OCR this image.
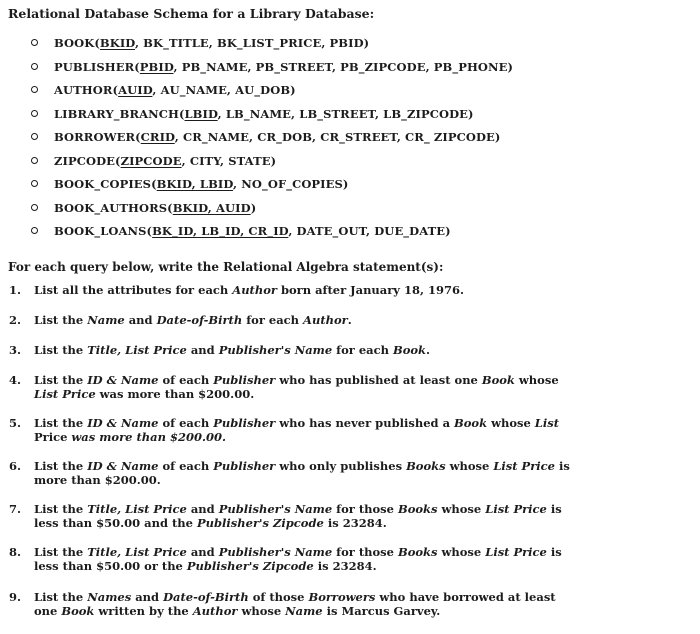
Relational Database Schema for a Library Database:
BOOK(BKID, BK_TITLE, BK_LIST_PRICE, PBID)
PUBLISHER(PBID, PB_NAME, PB_STREET, PB_ZIPCODE, PB_PHONE)
AUTHOR(AUID, AU_NAME, AU_DOB)
LIBRARY_BRANCH(LBID, LB_NAME, LB_STREET, LB_ZIPCODE)
BORROWER(CRID, CR_NAME, CR_DOB, CR_STREET, CR_ ZIPCODE)
ZIPCODE(ZIPCODE, CITY, STATE)
BOOK_COPIES(BKID, LBID, NO_OF_COPIES)
BOOK_AUTHORS(BKID, AUID)
BOOK_LOANS(BK_ID, LB_ID, CR_ID, DATE_OUT, DUE_DATE)
For each query below, write the Relational Algebra statement(s):
1. List all the attributes for each Author born after January 18, 1976.
2. List the Name and Date-of-Birth for each Author.
3. List the Title, List Price and Publisher's Name for each Book.
4. List the ID & Name of each Publisher who has published at least one Book whose
List Price was more than $200.00.
5. List the ID & Name of each Publisher who has never published a Book whose List
Price was more than $200.00.
6. List the ID & Name of each Publisher who only publishes Books whose List Price is
more than $200.00.
7. List the Title, List Price and Publisher's Name for those Books whose List Price is
less than $50.00 and the Publisher's Zipcode is 23284.
8. List the Title, List Price and Publisher's Name for those Books whose List Price is
less than $50.00 or the Publisher's Zipcode is 23284.
9. List the Names and Date-of-Birth of those Borrowers who have borrowed at least
one Book written by the Author whose Name is Marcus Garvey.
